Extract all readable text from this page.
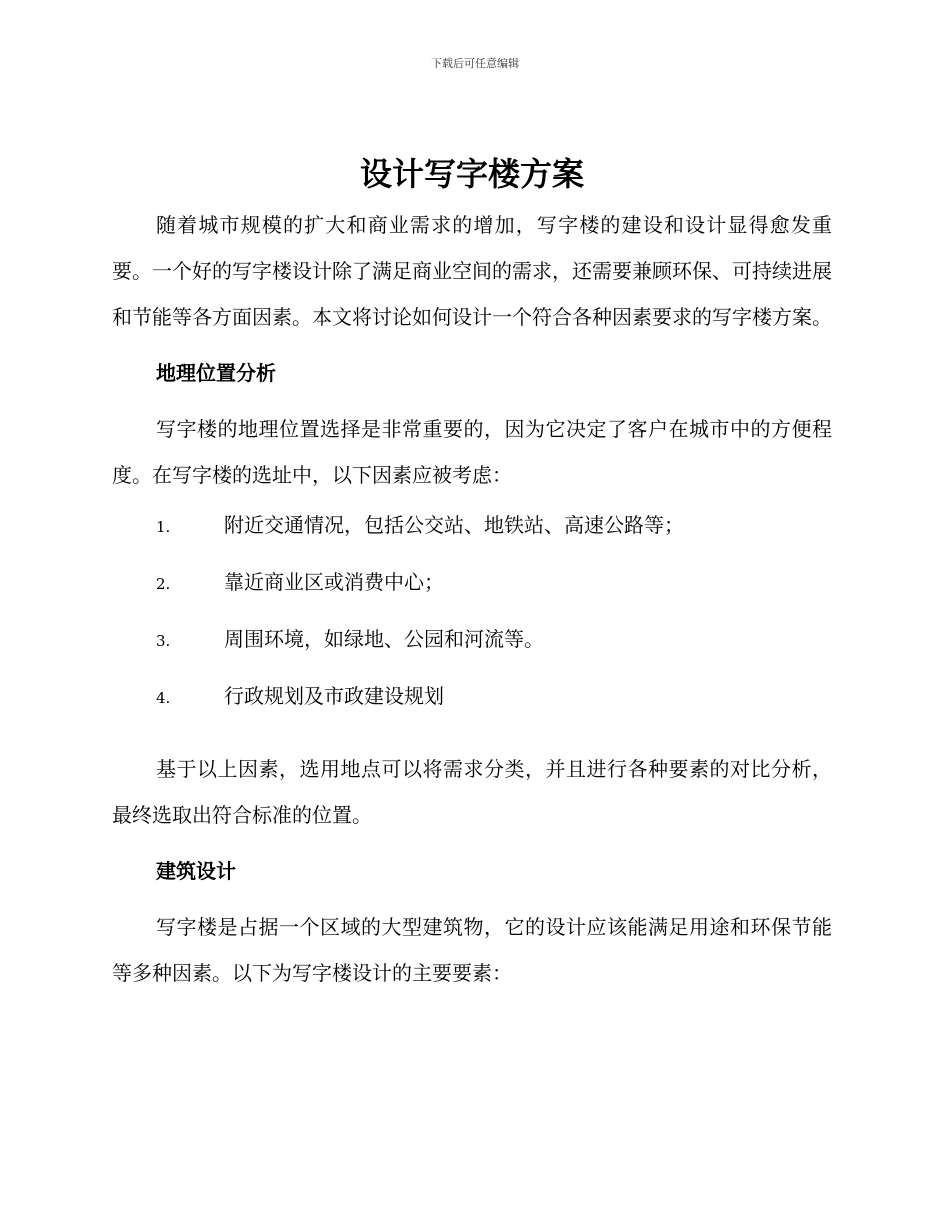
下载后可任意编辑
设计写字楼方案

随着城市规模的扩大和商业需求的增加，写字楼的建设和设计显得愈发重要。一个好的写字楼设计除了满足商业空间的需求，还需要兼顾环保、可持续进展和节能等各方面因素。本文将讨论如何设计一个符合各种因素要求的写字楼方案。

地理位置分析

写字楼的地理位置选择是非常重要的，因为它决定了客户在城市中的方便程度。在写字楼的选址中，以下因素应被考虑：

1.	附近交通情况，包括公交站、地铁站、高速公路等；
2.	靠近商业区或消费中心；
3.	周围环境，如绿地、公园和河流等。
4.	行政规划及市政建设规划

基于以上因素，选用地点可以将需求分类，并且进行各种要素的对比分析，最终选取出符合标准的位置。

建筑设计

写字楼是占据一个区域的大型建筑物，它的设计应该能满足用途和环保节能等多种因素。以下为写字楼设计的主要要素：
